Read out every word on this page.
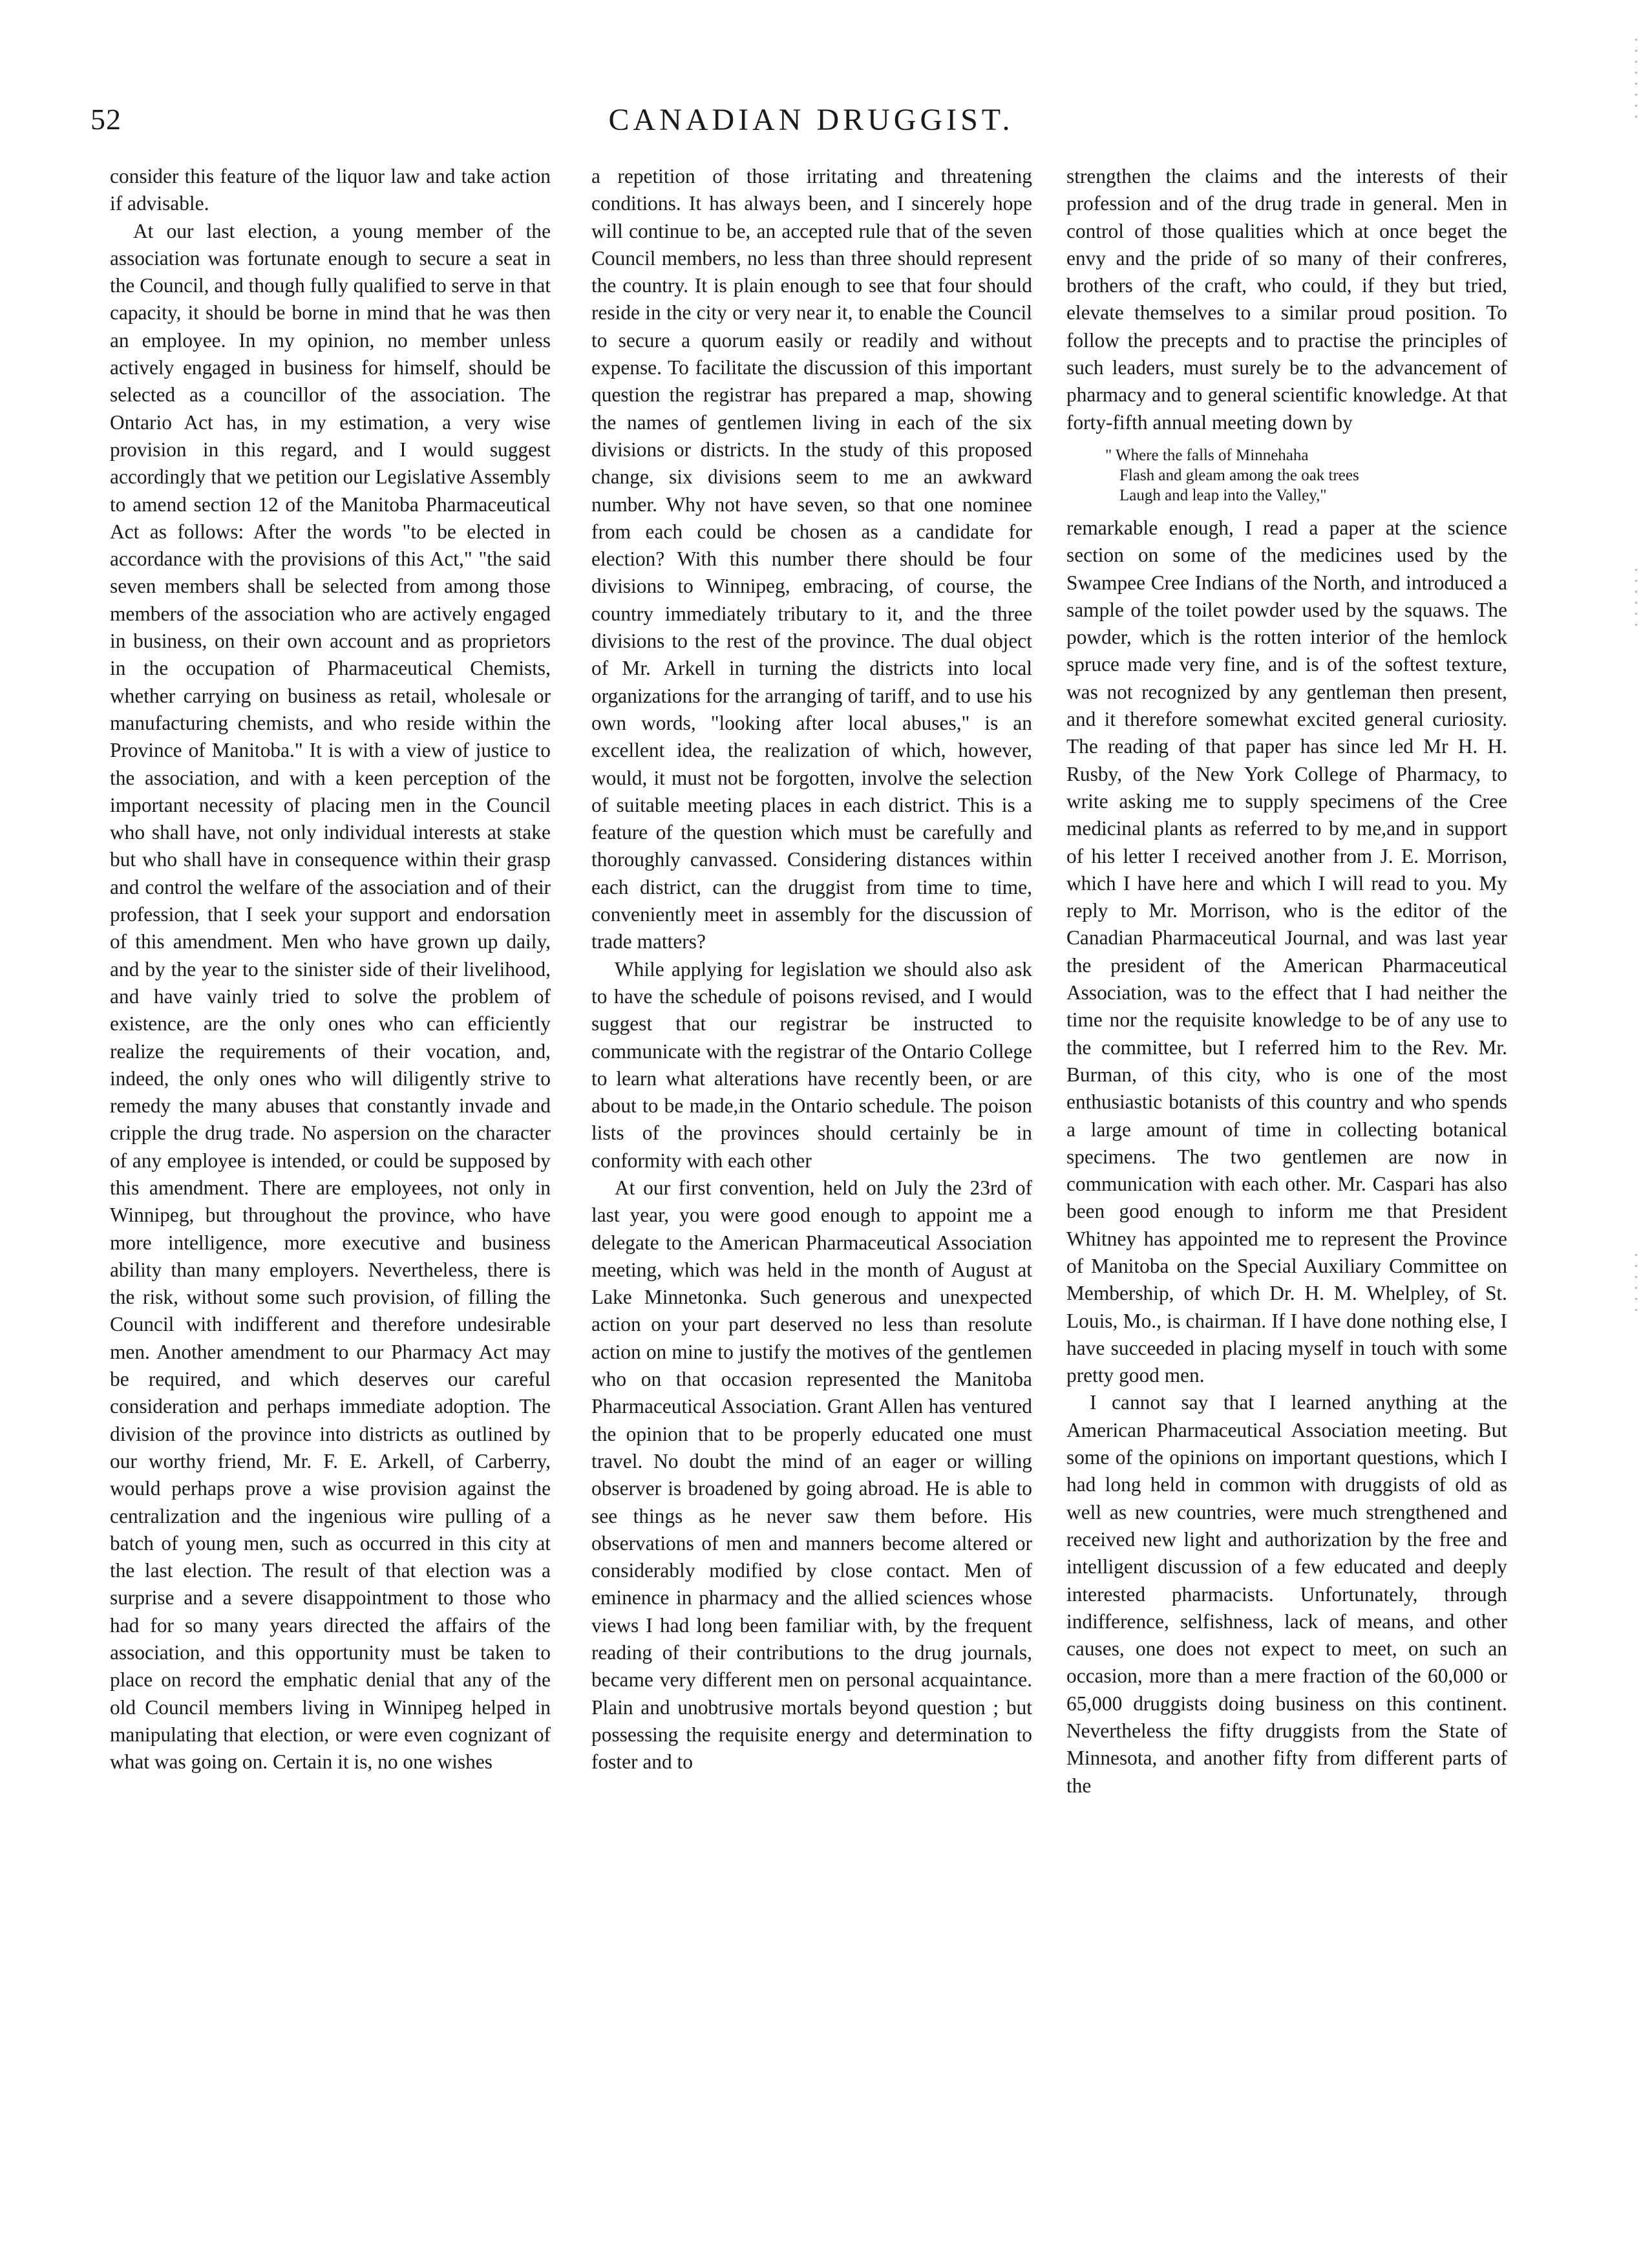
52	CANADIAN DRUGGIST.

consider this feature of the liquor law and take action if advisable.

At our last election, a young member of the association was fortunate enough to secure a seat in the Council, and though fully qualified to serve in that capacity, it should be borne in mind that he was then an employee. In my opinion, no member unless actively engaged in business for himself, should be selected as a councillor of the association. The Ontario Act has, in my estimation, a very wise provision in this regard, and I would suggest accordingly that we petition our Legislative Assembly to amend section 12 of the Manitoba Pharmaceutical Act as follows: After the words "to be elected in accordance with the provisions of this Act," "the said seven members shall be selected from among those members of the association who are actively engaged in business, on their own account and as proprietors in the occupation of Pharmaceutical Chemists, whether carrying on business as retail, wholesale or manufacturing chemists, and who reside within the Province of Manitoba." It is with a view of justice to the association, and with a keen perception of the important necessity of placing men in the Council who shall have, not only individual interests at stake but who shall have in consequence within their grasp and control the welfare of the association and of their profession, that I seek your support and endorsation of this amendment. Men who have grown up daily, and by the year to the sinister side of their livelihood, and have vainly tried to solve the problem of existence, are the only ones who can efficiently realize the requirements of their vocation, and, indeed, the only ones who will diligently strive to remedy the many abuses that constantly invade and cripple the drug trade. No aspersion on the character of any employee is intended, or could be supposed by this amendment. There are employees, not only in Winnipeg, but throughout the province, who have more intelligence, more executive and business ability than many employers. Nevertheless, there is the risk, without some such provision, of filling the Council with indifferent and therefore undesirable men. Another amendment to our Pharmacy Act may be required, and which deserves our careful consideration and perhaps immediate adoption. The division of the province into districts as outlined by our worthy friend, Mr. F. E. Arkell, of Carberry, would perhaps prove a wise provision against the centralization and the ingenious wire pulling of a batch of young men, such as occurred in this city at the last election. The result of that election was a surprise and a severe disappointment to those who had for so many years directed the affairs of the association, and this opportunity must be taken to place on record the emphatic denial that any of the old Council members living in Winnipeg helped in manipulating that election, or were even cognizant of what was going on. Certain it is, no one wishes

a repetition of those irritating and threatening conditions. It has always been, and I sincerely hope will continue to be, an accepted rule that of the seven Council members, no less than three should represent the country. It is plain enough to see that four should reside in the city or very near it, to enable the Council to secure a quorum easily or readily and without expense. To facilitate the discussion of this important question the registrar has prepared a map, showing the names of gentlemen living in each of the six divisions or districts. In the study of this proposed change, six divisions seem to me an awkward number. Why not have seven, so that one nominee from each could be chosen as a candidate for election? With this number there should be four divisions to Winnipeg, embracing, of course, the country immediately tributary to it, and the three divisions to the rest of the province. The dual object of Mr. Arkell in turning the districts into local organizations for the arranging of tariff, and to use his own words, "looking after local abuses," is an excellent idea, the realization of which, however, would, it must not be forgotten, involve the selection of suitable meeting places in each district. This is a feature of the question which must be carefully and thoroughly canvassed. Considering distances within each district, can the druggist from time to time, conveniently meet in assembly for the discussion of trade matters?

While applying for legislation we should also ask to have the schedule of poisons revised, and I would suggest that our registrar be instructed to communicate with the registrar of the Ontario College to learn what alterations have recently been, or are about to be made,in the Ontario schedule. The poison lists of the provinces should certainly be in conformity with each other

At our first convention, held on July the 23rd of last year, you were good enough to appoint me a delegate to the American Pharmaceutical Association meeting, which was held in the month of August at Lake Minnetonka. Such generous and unexpected action on your part deserved no less than resolute action on mine to justify the motives of the gentlemen who on that occasion represented the Manitoba Pharmaceutical Association. Grant Allen has ventured the opinion that to be properly educated one must travel. No doubt the mind of an eager or willing observer is broadened by going abroad. He is able to see things as he never saw them before. His observations of men and manners become altered or considerably modified by close contact. Men of eminence in pharmacy and the allied sciences whose views I had long been familiar with, by the frequent reading of their contributions to the drug journals, became very different men on personal acquaintance. Plain and unobtrusive mortals beyond question ; but possessing the requisite energy and determination to foster and to

strengthen the claims and the interests of their profession and of the drug trade in general. Men in control of those qualities which at once beget the envy and the pride of so many of their confreres, brothers of the craft, who could, if they but tried, elevate themselves to a similar proud position. To follow the precepts and to practise the principles of such leaders, must surely be to the advancement of pharmacy and to general scientific knowledge. At that forty-fifth annual meeting down by

" Where the falls of Minnehaha
Flash and gleam among the oak trees
Laugh and leap into the Valley,"

remarkable enough, I read a paper at the science section on some of the medicines used by the Swampee Cree Indians of the North, and introduced a sample of the toilet powder used by the squaws. The powder, which is the rotten interior of the hemlock spruce made very fine, and is of the softest texture, was not recognized by any gentleman then present, and it therefore somewhat excited general curiosity. The reading of that paper has since led Mr H. H. Rusby, of the New York College of Pharmacy, to write asking me to supply specimens of the Cree medicinal plants as referred to by me,and in support of his letter I received another from J. E. Morrison, which I have here and which I will read to you. My reply to Mr. Morrison, who is the editor of the Canadian Pharmaceutical Journal, and was last year the president of the American Pharmaceutical Association, was to the effect that I had neither the time nor the requisite knowledge to be of any use to the committee, but I referred him to the Rev. Mr. Burman, of this city, who is one of the most enthusiastic botanists of this country and who spends a large amount of time in collecting botanical specimens. The two gentlemen are now in communication with each other. Mr. Caspari has also been good enough to inform me that President Whitney has appointed me to represent the Province of Manitoba on the Special Auxiliary Committee on Membership, of which Dr. H. M. Whelpley, of St. Louis, Mo., is chairman. If I have done nothing else, I have succeeded in placing myself in touch with some pretty good men.

I cannot say that I learned anything at the American Pharmaceutical Association meeting. But some of the opinions on important questions, which I had long held in common with druggists of old as well as new countries, were much strengthened and received new light and authorization by the free and intelligent discussion of a few educated and deeply interested pharmacists. Unfortunately, through indifference, selfishness, lack of means, and other causes, one does not expect to meet, on such an occasion, more than a mere fraction of the 60,000 or 65,000 druggists doing business on this continent. Nevertheless the fifty druggists from the State of Minnesota, and another fifty from different parts of the
